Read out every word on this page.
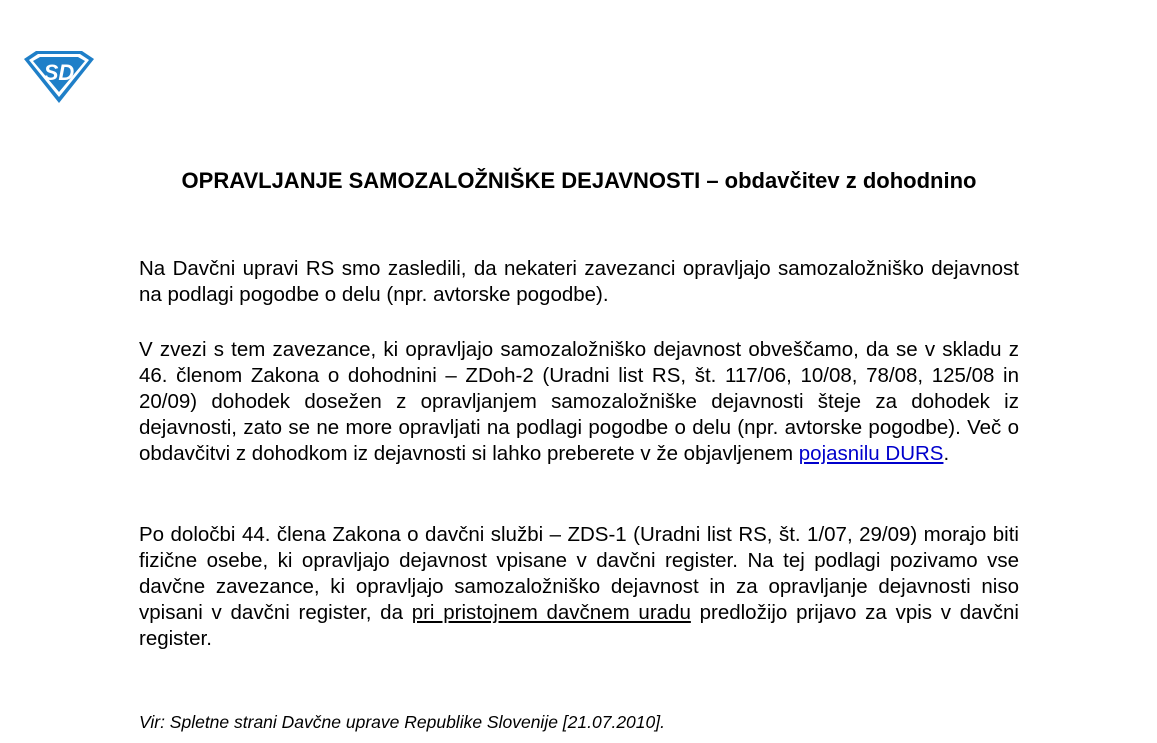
SD
OPRAVLJANJE SAMOZALOŽNIŠKE DEJAVNOSTI – obdavčitev z dohodnino

Na Davčni upravi RS smo zasledili, da nekateri zavezanci opravljajo samozaložniško dejavnost na podlagi pogodbe o delu (npr. avtorske pogodbe).

V zvezi s tem zavezance, ki opravljajo samozaložniško dejavnost obveščamo, da se v skladu z 46. členom Zakona o dohodnini – ZDoh-2 (Uradni list RS, št. 117/06, 10/08, 78/08, 125/08 in 20/09) dohodek dosežen z opravljanjem samozaložniške dejavnosti šteje za dohodek iz dejavnosti, zato se ne more opravljati na podlagi pogodbe o delu (npr. avtorske pogodbe). Več o obdavčitvi z dohodkom iz dejavnosti si lahko preberete v že objavljenem pojasnilu DURS.

Po določbi 44. člena Zakona o davčni službi – ZDS-1 (Uradni list RS, št. 1/07, 29/09) morajo biti fizične osebe, ki opravljajo dejavnost vpisane v davčni register. Na tej podlagi pozivamo vse davčne zavezance, ki opravljajo samozaložniško dejavnost in za opravljanje dejavnosti niso vpisani v davčni register, da pri pristojnem davčnem uradu predložijo prijavo za vpis v davčni register.

Vir: Spletne strani Davčne uprave Republike Slovenije [21.07.2010].
